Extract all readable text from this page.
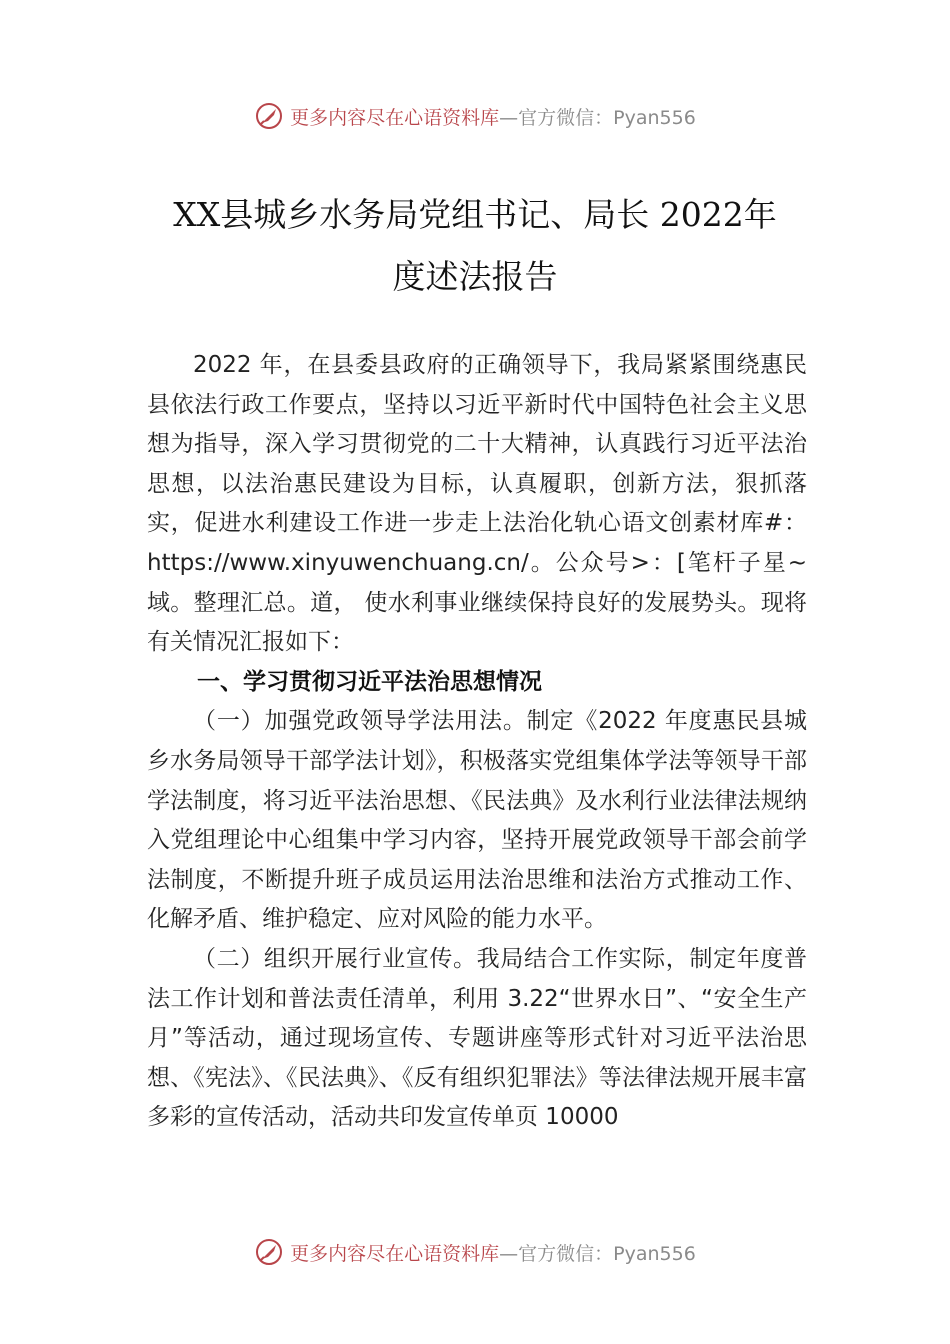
更多内容尽在心语资料库 —官方微信：Pyan556
XX县城乡水务局党组书记、局长 2022年
度述法报告

2022 年，在县委县政府的正确领导下，我局紧紧围绕惠民县依法行政工作要点，坚持以习近平新时代中国特色社会主义思想为指导，深入学习贯彻党的二十大精神，认真践行习近平法治思想，以法治惠民建设为目标，认真履职，创新方法，狠抓落实，促进水利建设工作进一步走上法治化轨心语文创素材库#：https://www.xinyuwenchuang.cn/。公众号>：[笔杆子星~域。整理汇总。道， 使水利事业继续保持良好的发展势头。现将有关情况汇报如下：

一、学习贯彻习近平法治思想情况

（一）加强党政领导学法用法。制定《2022 年度惠民县城乡水务局领导干部学法计划》，积极落实党组集体学法等领导干部学法制度，将习近平法治思想、《民法典》及水利行业法律法规纳入党组理论中心组集中学习内容，坚持开展党政领导干部会前学法制度，不断提升班子成员运用法治思维和法治方式推动工作、化解矛盾、维护稳定、应对风险的能力水平。

（二）组织开展行业宣传。我局结合工作实际，制定年度普法工作计划和普法责任清单，利用 3.22“世界水日”、“安全生产月”等活动，通过现场宣传、专题讲座等形式针对习近平法治思想、《宪法》、《民法典》、《反有组织犯罪法》等法律法规开展丰富多彩的宣传活动，活动共印发宣传单页 10000

更多内容尽在心语资料库 —官方微信：Pyan556
